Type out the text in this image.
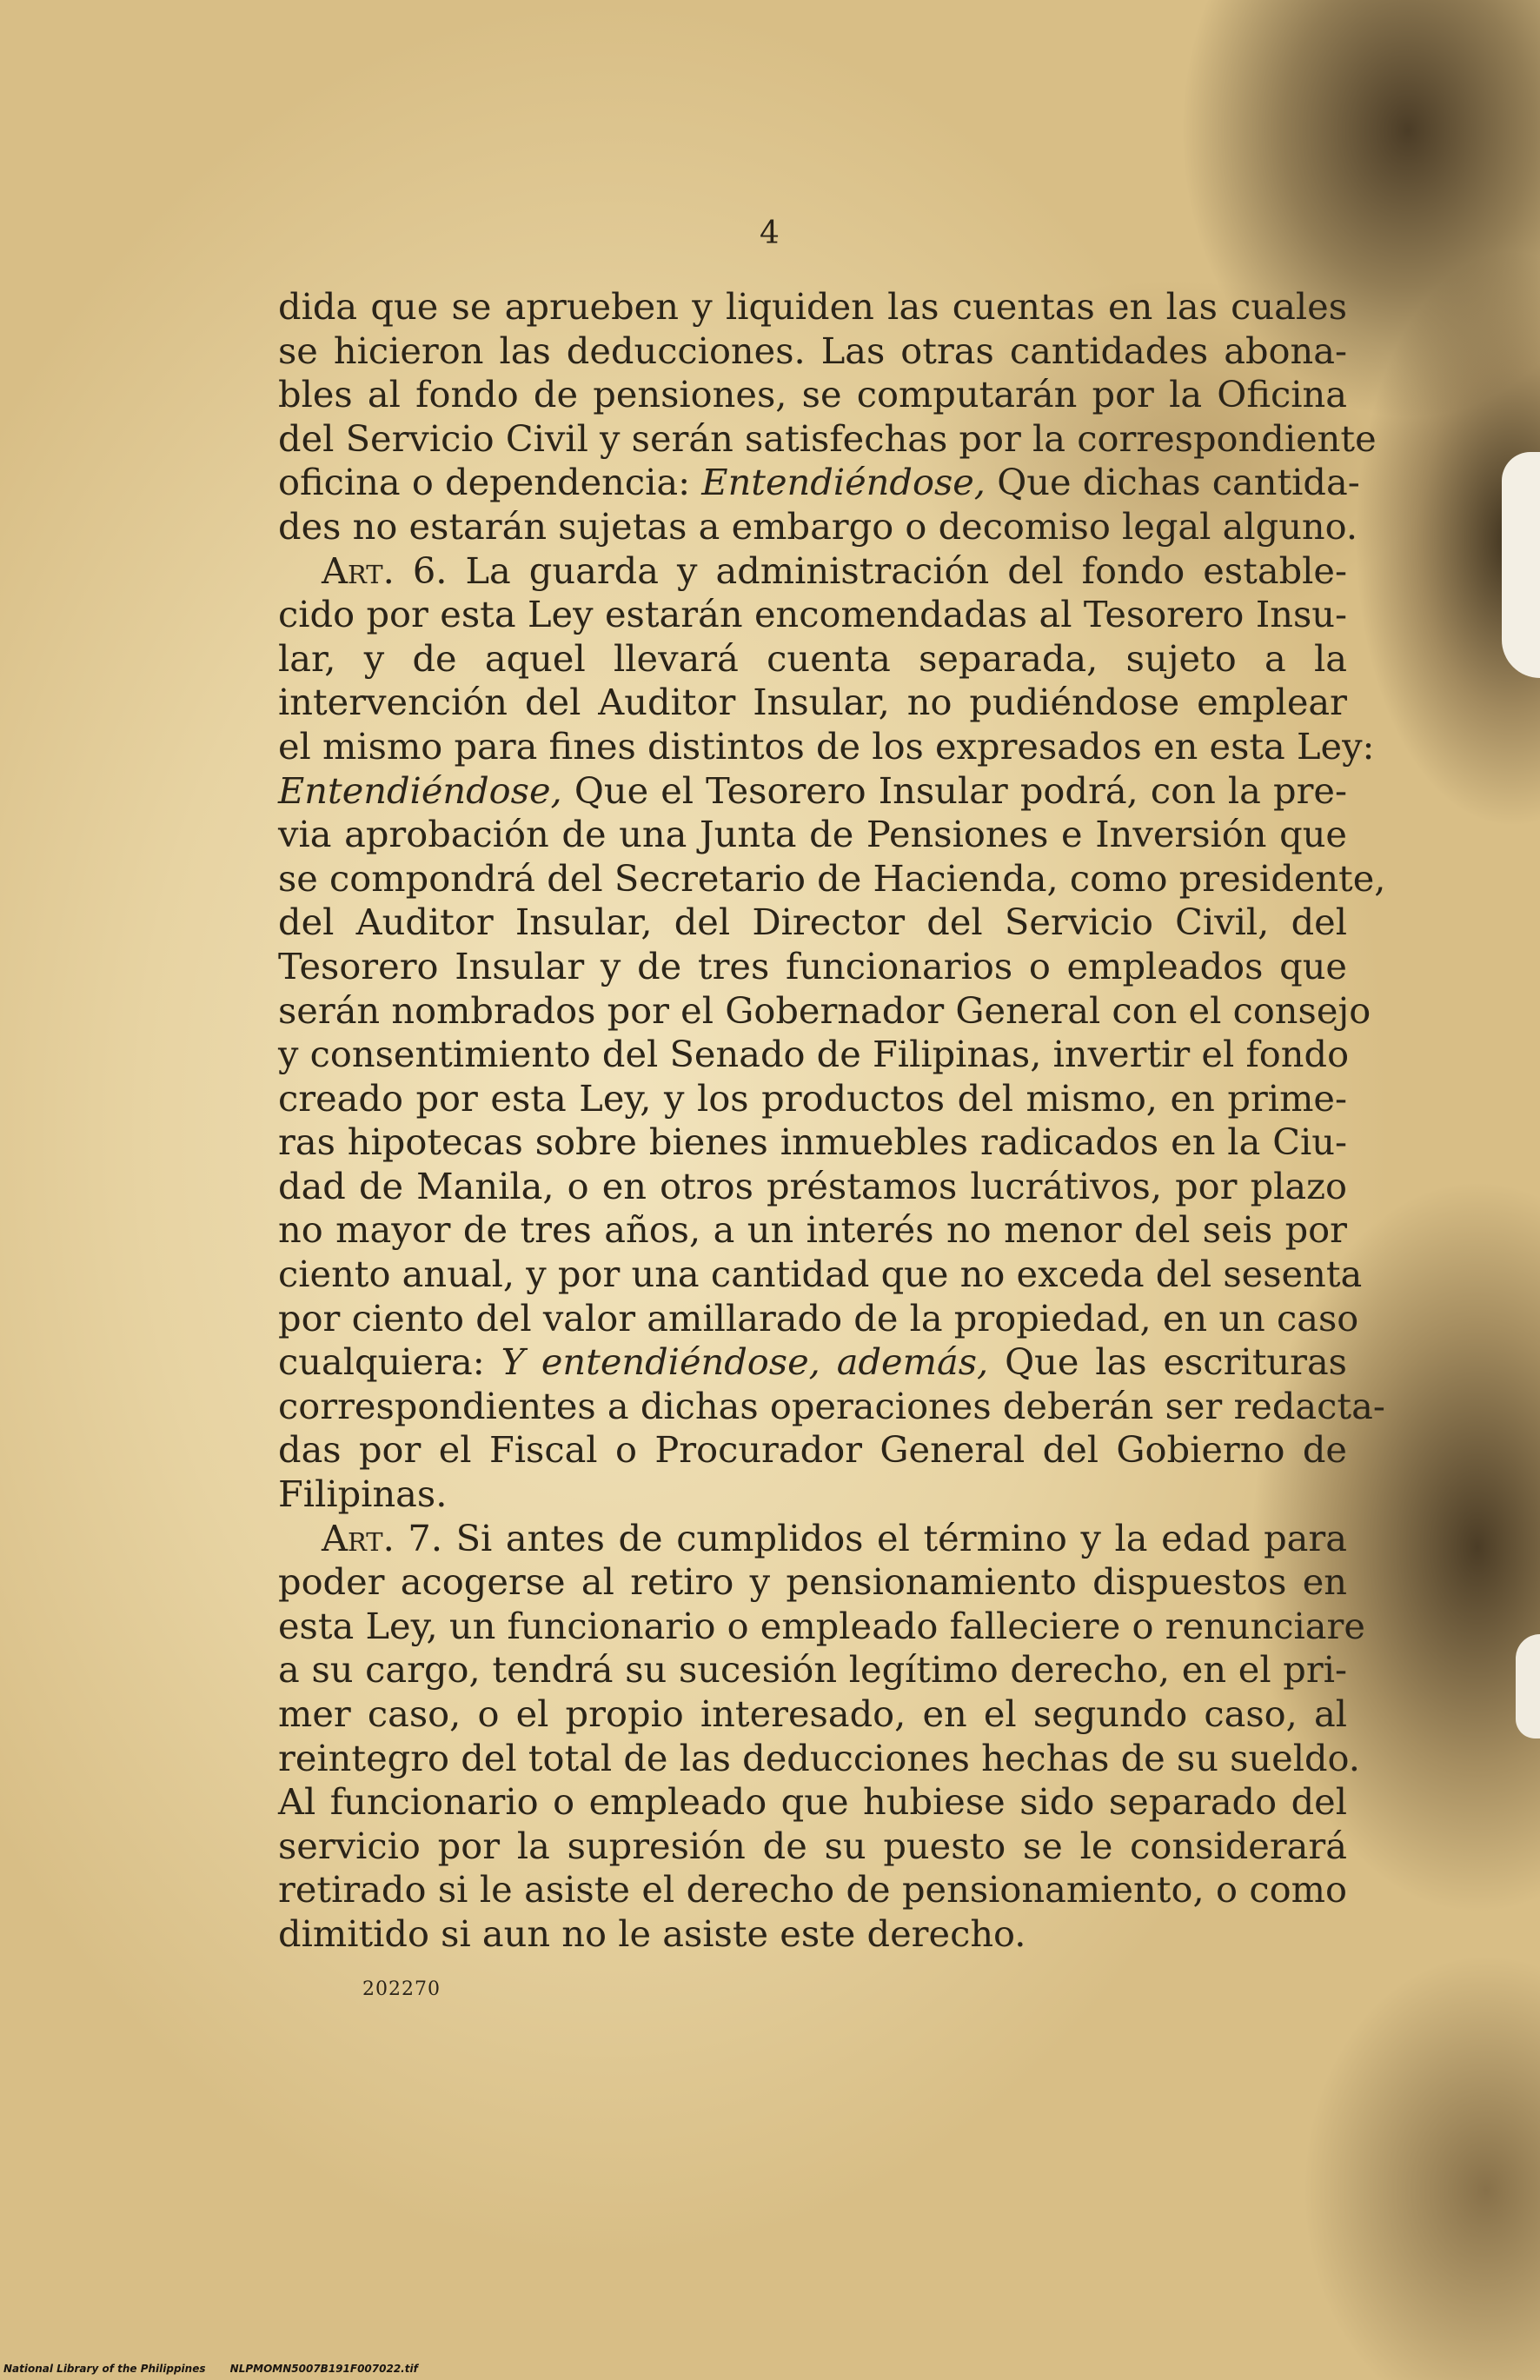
4
dida que se aprueben y liquiden las cuentas en las cuales
se hicieron las deducciones. Las otras cantidades abona-
bles al fondo de pensiones, se computarán por la Oficina
del Servicio Civil y serán satisfechas por la correspondiente
oficina o dependencia: Entendiéndose, Que dichas cantida-
des no estarán sujetas a embargo o decomiso legal alguno.
Art. 6. La guarda y administración del fondo estable-
cido por esta Ley estarán encomendadas al Tesorero Insu-
lar, y de aquel llevará cuenta separada, sujeto a la
intervención del Auditor Insular, no pudiéndose emplear
el mismo para fines distintos de los expresados en esta Ley:
Entendiéndose, Que el Tesorero Insular podrá, con la pre-
via aprobación de una Junta de Pensiones e Inversión que
se compondrá del Secretario de Hacienda, como presidente,
del Auditor Insular, del Director del Servicio Civil, del
Tesorero Insular y de tres funcionarios o empleados que
serán nombrados por el Gobernador General con el consejo
y consentimiento del Senado de Filipinas, invertir el fondo
creado por esta Ley, y los productos del mismo, en prime-
ras hipotecas sobre bienes inmuebles radicados en la Ciu-
dad de Manila, o en otros préstamos lucrátivos, por plazo
no mayor de tres años, a un interés no menor del seis por
ciento anual, y por una cantidad que no exceda del sesenta
por ciento del valor amillarado de la propiedad, en un caso
cualquiera: Y entendiéndose, además, Que las escrituras
correspondientes a dichas operaciones deberán ser redacta-
das por el Fiscal o Procurador General del Gobierno de
Filipinas.
Art. 7. Si antes de cumplidos el término y la edad para
poder acogerse al retiro y pensionamiento dispuestos en
esta Ley, un funcionario o empleado falleciere o renunciare
a su cargo, tendrá su sucesión legítimo derecho, en el pri-
mer caso, o el propio interesado, en el segundo caso, al
reintegro del total de las deducciones hechas de su sueldo.
Al funcionario o empleado que hubiese sido separado del
servicio por la supresión de su puesto se le considerará
retirado si le asiste el derecho de pensionamiento, o como
dimitido si aun no le asiste este derecho.
202270
National Library of the Philippines NLPMOMN5007B191F007022.tif
